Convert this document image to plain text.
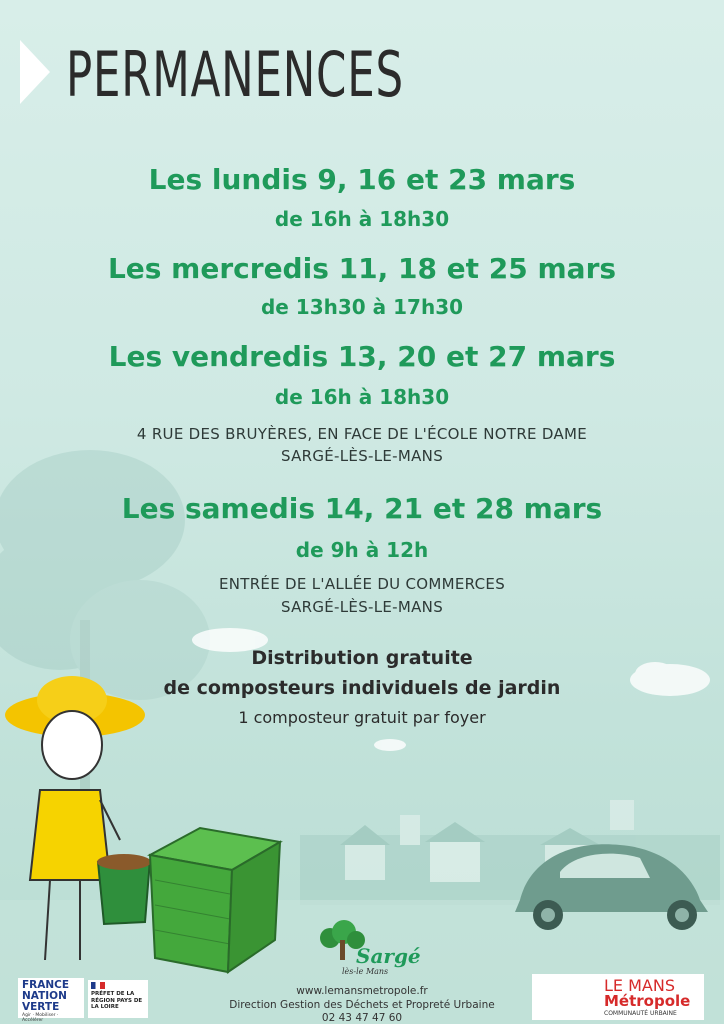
PERMANENCES
Les lundis 9, 16 et 23 mars
de 16h à 18h30
Les mercredis 11, 18 et 25 mars
de 13h30 à 17h30
Les vendredis 13, 20 et 27 mars
de 16h à 18h30
4 RUE DES BRUYÈRES, EN FACE DE L'ÉCOLE NOTRE DAME
SARGÉ-LÈS-LE-MANS
Les samedis 14, 21 et 28 mars
de 9h à 12h
ENTRÉE DE L'ALLÉE DU COMMERCES
SARGÉ-LÈS-LE-MANS
Distribution gratuite
de composteurs individuels de jardin
1 composteur gratuit par foyer
Sargé
lès-le Mans
FRANCE
NATION
VERTE
Agir · Mobiliser · Accélérer
PRÉFET DE LA RÉGION PAYS DE LA LOIRE
www.lemansmetropole.fr
Direction Gestion des Déchets et Propreté Urbaine
02 43 47 47 60
LE MANS
Métropole
COMMUNAUTÉ URBAINE
